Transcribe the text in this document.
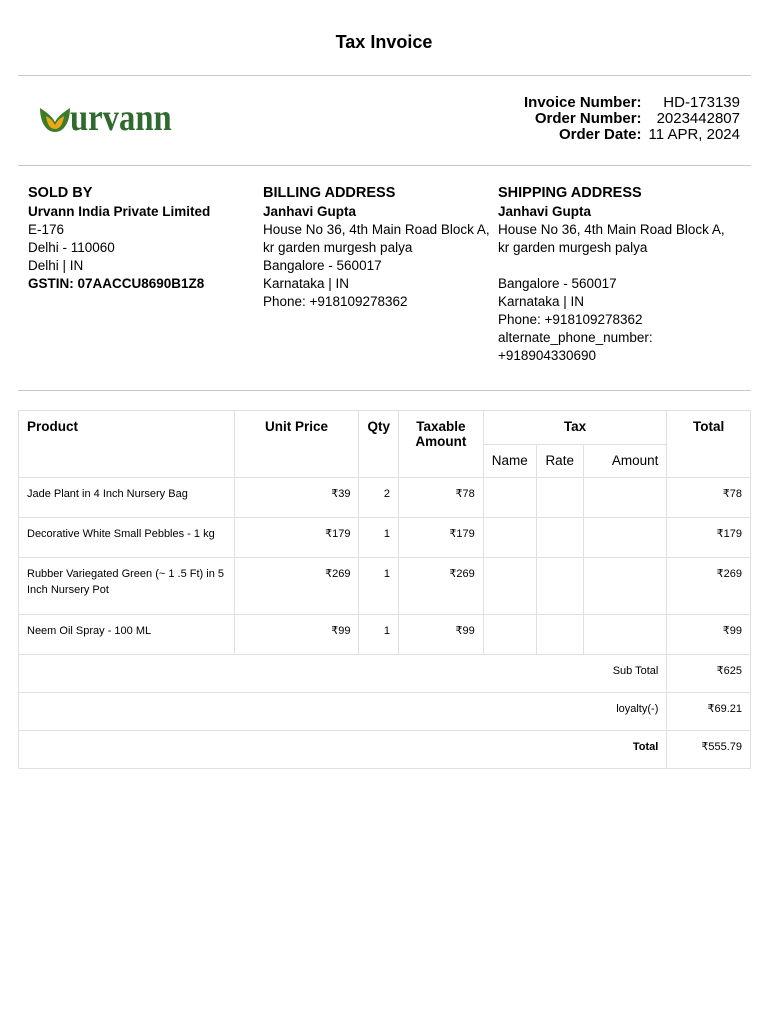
Tax Invoice
urvann	Invoice Number:	HD-173139
Order Number:	2023442807
Order Date:	11 APR, 2024
SOLD BY
Urvann India Private Limited
E-176
Delhi - 110060
Delhi | IN
GSTIN: 07AACCU8690B1Z8
BILLING ADDRESS
Janhavi Gupta
House No 36, 4th Main Road Block A,
kr garden murgesh palya
Bangalore - 560017
Karnataka | IN
Phone: +918109278362
SHIPPING ADDRESS
Janhavi Gupta
House No 36, 4th Main Road Block A,
kr garden murgesh palya
Bangalore - 560017
Karnataka | IN
Phone: +918109278362
alternate_phone_number:
+918904330690
Product	Unit Price	Qty	Taxable Amount	Tax			Total
				Name	Rate	Amount	
Jade Plant in 4 Inch Nursery Bag	₹39	2	₹78				₹78
Decorative White Small Pebbles - 1 kg	₹179	1	₹179				₹179
Rubber Variegated Green (~ 1 .5 Ft) in 5 Inch Nursery Pot	₹269	1	₹269				₹269
Neem Oil Spray - 100 ML	₹99	1	₹99				₹99
Sub Total							₹625
loyalty(-)							₹69.21
Total							₹555.79
